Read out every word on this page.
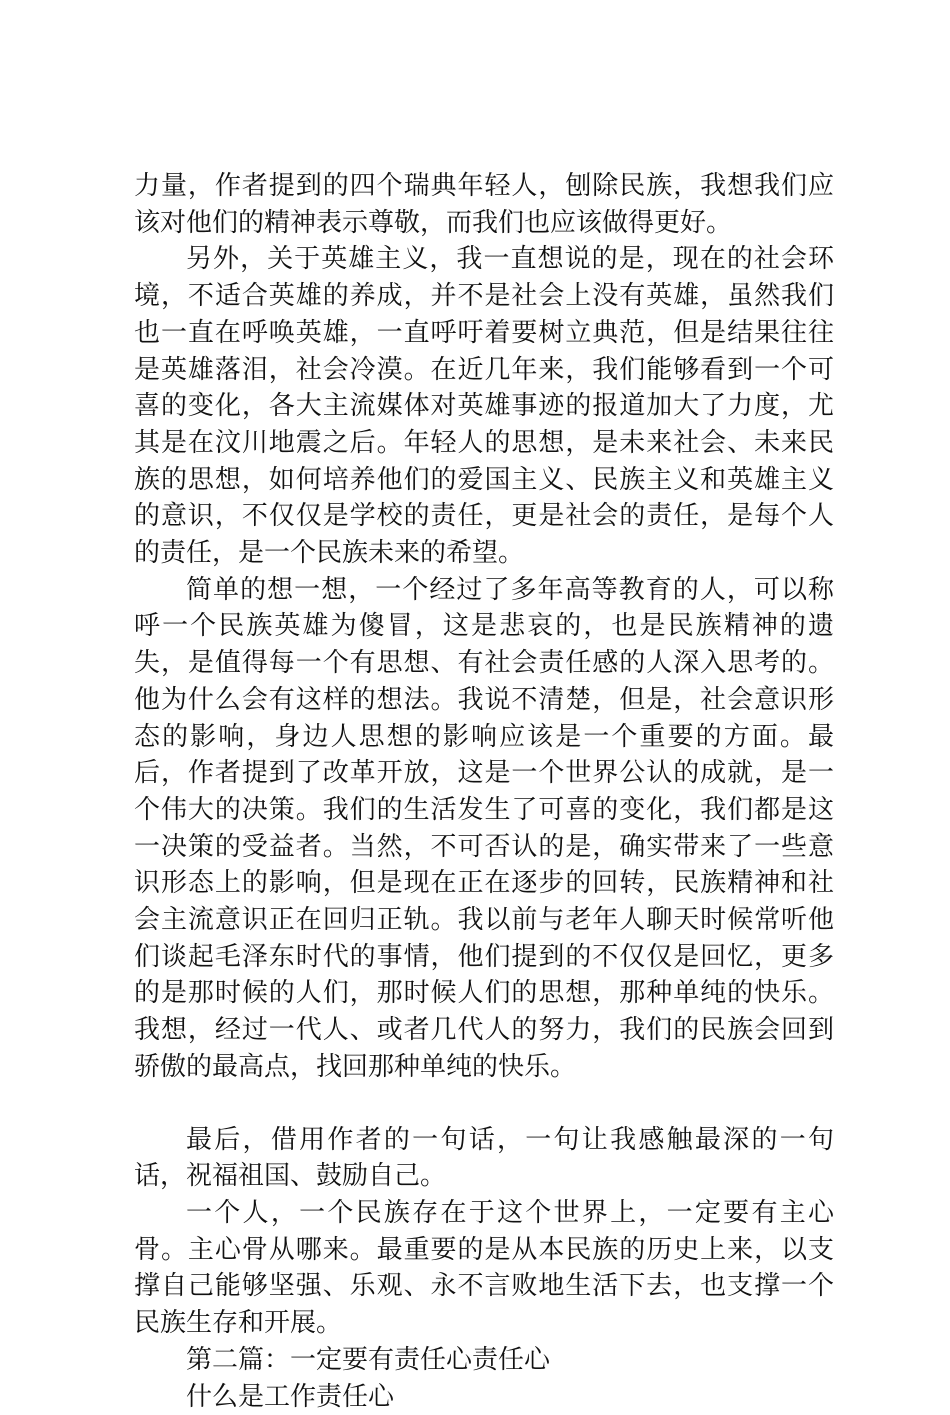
力量，作者提到的四个瑞典年轻人，刨除民族，我想我们应该对他们的精神表示尊敬，而我们也应该做得更好。

另外，关于英雄主义，我一直想说的是，现在的社会环境，不适合英雄的养成，并不是社会上没有英雄，虽然我们也一直在呼唤英雄，一直呼吁着要树立典范，但是结果往往是英雄落泪，社会冷漠。在近几年来，我们能够看到一个可喜的变化，各大主流媒体对英雄事迹的报道加大了力度，尤其是在汶川地震之后。年轻人的思想，是未来社会、未来民族的思想，如何培养他们的爱国主义、民族主义和英雄主义的意识，不仅仅是学校的责任，更是社会的责任，是每个人的责任，是一个民族未来的希望。

简单的想一想，一个经过了多年高等教育的人，可以称呼一个民族英雄为傻冒，这是悲哀的，也是民族精神的遗失，是值得每一个有思想、有社会责任感的人深入思考的。他为什么会有这样的想法。我说不清楚，但是，社会意识形态的影响，身边人思想的影响应该是一个重要的方面。最后，作者提到了改革开放，这是一个世界公认的成就，是一个伟大的决策。我们的生活发生了可喜的变化，我们都是这一决策的受益者。当然，不可否认的是，确实带来了一些意识形态上的影响，但是现在正在逐步的回转，民族精神和社会主流意识正在回归正轨。我以前与老年人聊天时候常听他们谈起毛泽东时代的事情，他们提到的不仅仅是回忆，更多的是那时候的人们，那时候人们的思想，那种单纯的快乐。我想，经过一代人、或者几代人的努力，我们的民族会回到骄傲的最高点，找回那种单纯的快乐。

最后，借用作者的一句话，一句让我感触最深的一句话，祝福祖国、鼓励自己。

一个人，一个民族存在于这个世界上，一定要有主心骨。主心骨从哪来。最重要的是从本民族的历史上来，以支撑自己能够坚强、乐观、永不言败地生活下去，也支撑一个民族生存和开展。

第二篇：一定要有责任心责任心

什么是工作责任心
